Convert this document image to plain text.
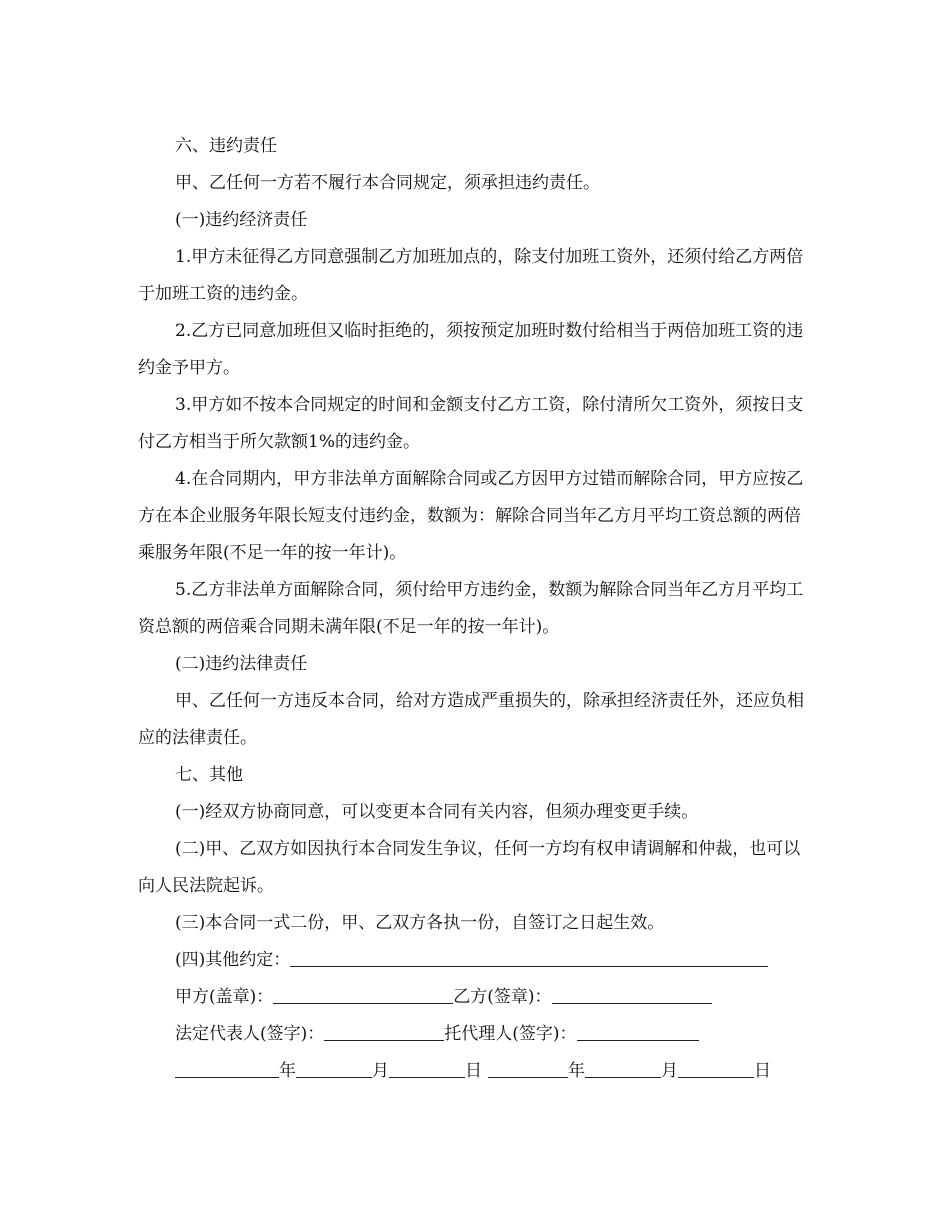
六、违约责任

甲、乙任何一方若不履行本合同规定，须承担违约责任。

(一)违约经济责任

1.甲方未征得乙方同意强制乙方加班加点的，除支付加班工资外，还须付给乙方两倍于加班工资的违约金。

2.乙方已同意加班但又临时拒绝的，须按预定加班时数付给相当于两倍加班工资的违约金予甲方。

3.甲方如不按本合同规定的时间和金额支付乙方工资，除付清所欠工资外，须按日支付乙方相当于所欠款额1%的违约金。

4.在合同期内，甲方非法单方面解除合同或乙方因甲方过错而解除合同，甲方应按乙方在本企业服务年限长短支付违约金，数额为：解除合同当年乙方月平均工资总额的两倍乘服务年限(不足一年的按一年计)。

5.乙方非法单方面解除合同，须付给甲方违约金，数额为解除合同当年乙方月平均工资总额的两倍乘合同期未满年限(不足一年的按一年计)。

(二)违约法律责任

甲、乙任何一方违反本合同，给对方造成严重损失的，除承担经济责任外，还应负相应的法律责任。

七、其他

(一)经双方协商同意，可以变更本合同有关内容，但须办理变更手续。

(二)甲、乙双方如因执行本合同发生争议，任何一方均有权申请调解和仲裁，也可以向人民法院起诉。

(三)本合同一式二份，甲、乙双方各执一份，自签订之日起生效。

(四)其他约定：

甲方(盖章)：	乙方(签章)：

法定代表人(签字)：	托代理人(签字)：

年	月	日	年	月	日
